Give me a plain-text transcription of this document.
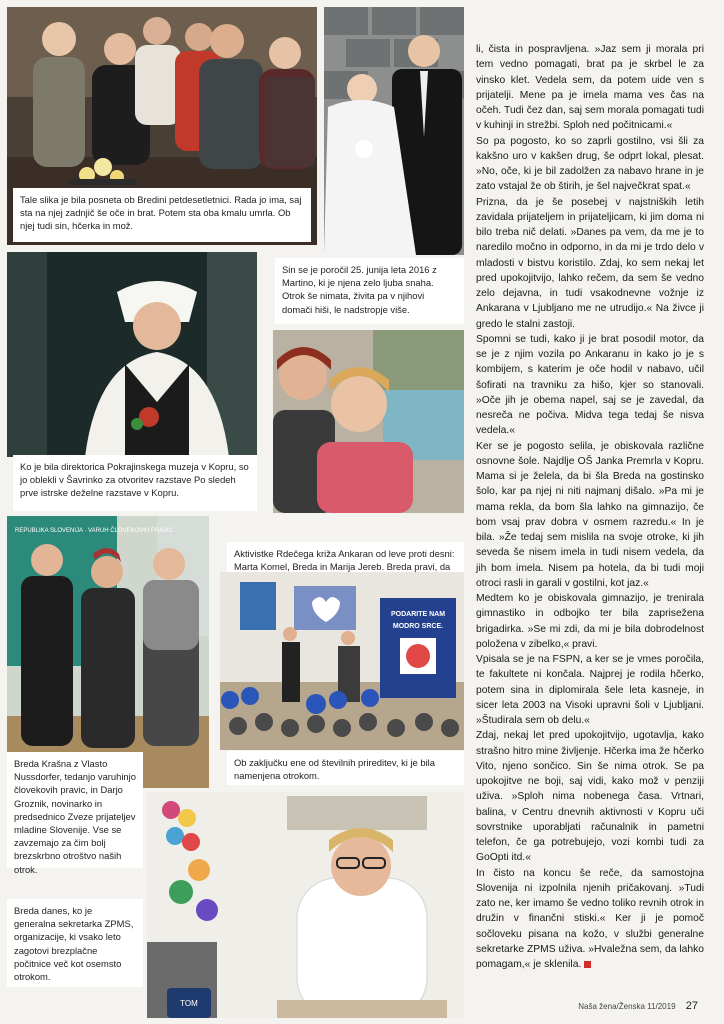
Tale slika je bila posneta ob Bredini petdesetletnici. Rada jo ima, saj sta na njej zadnjič še oče in brat. Potem sta oba kmalu umrla. Ob njej tudi sin, hčerka in mož.
Sin se je poročil 25. junija leta 2016 z Martino, ki je njena zelo ljuba snaha. Otrok še nimata, živita pa v njihovi domači hiši, le nadstropje više.
Ko je bila direktorica Pokrajinskega muzeja v Kopru, so jo oblekli v Šavrinko za otvoritev razstave Po sledeh prve istrske deželne razstave v Kopru.
Aktivistke Rdečega križa Ankaran od leve proti desni: Marta Komel, Breda in Marija Jereb. Breda pravi, da
REPUBLIKA SLOVENIJA · VARUH ČLOVEKOVIH PRAVIC
Breda Krašna z Vlasto Nussdorfer, tedanjo varuhinjo človekovih pravic, in Darjo Groznik, novinarko in predsednico Zveze prijateljev mladine Slovenije. Vse se zavzemajo za čim bolj brezskrbno otroštvo naših otrok.
PODARITE NAM
MODRO SRCE.
Ob zaključku ene od številnih prireditev, ki je bila namenjena otrokom.
TOM
Breda danes, ko je generalna sekretarka ZPMS, organizacije, ki vsako leto zagotovi brezplačne počitnice več kot osemsto otrokom.

li, čista in pospravljena. »Jaz sem ji morala pri tem vedno pomagati, brat pa je skrbel le za vinsko klet. Vedela sem, da potem uide ven s prijatelji. Mene pa je imela mama ves čas na očeh. Tudi čez dan, saj sem morala pomagati tudi v kuhinji in strežbi. Sploh ned počitnicami.«

So pa pogosto, ko so zaprli gostilno, vsi šli za kakšno uro v kakšen drug, še odprt lokal, plesat. »No, oče, ki je bil zadolžen za nabavo hrane in je zato vstajal že ob štirih, je šel največkrat spat.«

Prizna, da je še posebej v najstniških letih zavidala prijateljem in prijateljicam, ki jim doma ni bilo treba nič delati. »Danes pa vem, da me je to naredilo močno in odporno, in da mi je trdo delo v mladosti v bistvu koristilo. Zdaj, ko sem nekaj let pred upokojitvijo, lahko rečem, da sem še vedno zelo dejavna, in tudi vsakodnevne vožnje iz Ankarana v Ljubljano me ne utrudijo.« Na živce ji gredo le stalni zastoji.

Spomni se tudi, kako ji je brat posodil motor, da se je z njim vozila po Ankaranu in kako jo je s kombijem, s katerim je oče hodil v nabavo, učil šofirati na travniku za hišo, kjer so stanovali. »Oče jih je obema napel, saj se je zavedal, da nesreča ne počiva. Midva tega tedaj še nisva vedela.«

Ker se je pogosto selila, je obiskovala različne osnovne šole. Najdlje OŠ Janka Premrla v Kopru. Mama si je želela, da bi šla Breda na gostinsko šolo, kar pa njej ni niti najmanj dišalo. »Pa mi je mama rekla, da bom šla lahko na gimnazijo, če bom vsaj prav dobra v osmem razredu.« In je bila. »Že tedaj sem mislila na svoje otroke, ki jih seveda še nisem imela in tudi nisem vedela, da jih bom imela. Nisem pa hotela, da bi tudi moji otroci rasli in garali v gostilni, kot jaz.«

Medtem ko je obiskovala gimnazijo, je trenirala gimnastiko in odbojko ter bila zapriseženа brigadirka. »Se mi zdi, da mi je bila dobrodelnost položena v zibelko,« pravi.

Vpisala se je na FSPN, a ker se je vmes poročila, te fakultete ni končala. Najprej je rodila hčerko, potem sina in diplomirala šele leta kasneje, in sicer leta 2003 na Visoki upravni šoli v Ljubljani. »Študirala sem ob delu.«

Zdaj, nekaj let pred upokojitvijo, ugotavlja, kako strašno hitro mine življenje. Hčerka ima že hčerko Vito, njeno sončico. Sin še nima otrok. Se pa upokojitve ne boji, saj vidi, kako mož v penziji uživa. »Sploh nima nobenega časa. Vrtnari, balina, v Centru dnevnih aktivnosti v Kopru uči sovrstnike uporabljati računalnik in pametni telefon, če ga potrebujejo, vozi kombi tudi za GoOpti itd.«

In čisto na koncu še reče, da samostojna Slovenija ni izpolnila njenih pričakovanj. »Tudi zato ne, ker imamo še vedno toliko revnih otrok in družin v finančni stiski.« Ker ji je pomoč sočloveku pisana na kožo, v službi generalne sekretarke ZPMS uživa. »Hvaležna sem, da lahko pomagam,« je sklenila.

Naša žena/Ženska 11/2019 27
